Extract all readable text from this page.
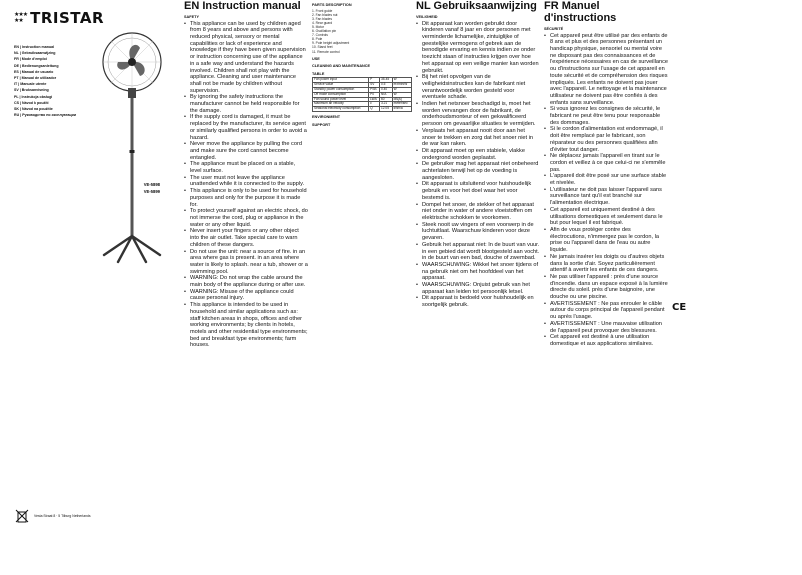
★★★
★★ TRISTAR
EN | Instruction manual
NL | Gebruiksaanwijzing
FR | Mode d'emploi
DE | Bedienungsanleitung
ES | Manual de usuario
PT | Manual de utilizador
IT | Manuale utente
SV | Bruksanvisning
PL | Instrukcja obsługi
CS | Návod k použití
SK | Návod na použitie
RU | Руководство по эксплуатации
VE-5898
VE-5899
Vesta Straat 8 · 5 Tilburg Netherlands
EN Instruction manual
SAFETY
• This appliance can be used by children aged from 8 years and above and persons with reduced physical, sensory or mental capabilities or lack of experience and knowledge if they have been given supervision or instruction concerning use of the appliance in a safe way and understand the hazards involved. Children shall not play with the appliance. Cleaning and user maintenance shall not be made by children without supervision.
• By ignoring the safety instructions the manufacturer cannot be held responsible for the damage.
• If the supply cord is damaged, it must be replaced by the manufacturer, its service agent or similarly qualified persons in order to avoid a hazard.
• Never move the appliance by pulling the cord and make sure the cord cannot become entangled.
• The appliance must be placed on a stable, level surface.
• The user must not leave the appliance unattended while it is connected to the supply.
• This appliance is only to be used for household purposes and only for the purpose it is made for.
• To protect yourself against an electric shock, do not immerse the cord, plug or appliance in the water or any other liquid.
• Never insert your fingers or any other object into the air outlet. Take special care to warn children of these dangers.
• Do not use the unit: near a source of fire. in an area where gas is present. in an area where water is likely to splash. near a tub, shower or a swimming pool.
• WARNING: Do not wrap the cable around the main body of the appliance during or after use.
• WARNING: Misuse of the appliance could cause personal injury.
• This appliance is intended to be used in household and similar applications such as: staff kitchen areas in shops, offices and other working environments; by clients in hotels, motels and other residential type environments; bed and breakfast type environments; farm houses.
PARTS DESCRIPTION
1. Front guide
2. Fan blades nut
3. Fan blades
4. Rear guard
5. Motor
6. Oscillation pin
7. Controls
8. Pole
9. Pole height adjustment
10. Stand feet
11. Remote control
USE
CLEANING AND MAINTENANCE
TABLE
Fan power input	P	35-45	W
Service value	SV	0.5	m³/min/W
Standby power consumption	PSB	0.40	W
Off mode consumption	P0	N/A	W
Fan sound power level	LWA	60	dB(A)
Maximum air velocity	c	3.21	meter/sec
Seasonal electricity consumption	Q	12.05	kWh/a
ENVIRONMENT
SUPPORT
NL Gebruiksaanwijzing
VEILIGHEID
• Dit apparaat kan worden gebruikt door kinderen vanaf 8 jaar en door personen met verminderde lichamelijke, zintuiglijke of geestelijke vermogens of gebrek aan de benodigde ervaring en kennis indien ze onder toezicht staan of instructies krijgen over hoe het apparaat op een veilige manier kan worden gebruikt.
• Bij het niet opvolgen van de veiligheidsinstructies kan de fabrikant niet verantwoordelijk worden gesteld voor eventuele schade.
• Indien het netsnoer beschadigd is, moet het worden vervangen door de fabrikant, de onderhoudsmonteur of een gekwalificeerd persoon om gevaarlijke situaties te vermijden.
• Verplaats het apparaat nooit door aan het snoer te trekken en zorg dat het snoer niet in de war kan raken.
• Dit apparaat moet op een stabiele, vlakke ondergrond worden geplaatst.
• De gebruiker mag het apparaat niet onbeheerd achterlaten terwijl het op de voeding is aangesloten.
• Dit apparaat is uitsluitend voor huishoudelijk gebruik en voor het doel waar het voor bestemd is.
• Dompel het snoer, de stekker of het apparaat niet onder in water of andere vloeistoffen om elektrische schokken te voorkomen.
• Steek nooit uw vingers of een voorwerp in de luchtuitlaat. Waarschuw kinderen voor deze gevaren.
• Gebruik het apparaat niet: In de buurt van vuur. in een gebied dat wordt blootgesteld aan vocht. in de buurt van een bad, douche of zwembad.
• WAARSCHUWING: Wikkel het snoer tijdens of na gebruik niet om het hoofddeel van het apparaat.
• WAARSCHUWING: Onjuist gebruik van het apparaat kan leiden tot persoonlijk letsel.
• Dit apparaat is bedoeld voor huishoudelijk en soortgelijk gebruik.
FR Manuel d'instructions
SÉCURITÉ
• Cet appareil peut être utilisé par des enfants de 8 ans et plus et des personnes présentant un handicap physique, sensoriel ou mental voire ne disposant pas des connaissances et de l'expérience nécessaires en cas de surveillance ou d'instructions sur l'usage de cet appareil en toute sécurité et de compréhension des risques impliqués. Les enfants ne doivent pas jouer avec l'appareil. Le nettoyage et la maintenance utilisateur ne doivent pas être confiés à des enfants sans surveillance.
• Si vous ignorez les consignes de sécurité, le fabricant ne peut être tenu pour responsable des dommages.
• Si le cordon d'alimentation est endommagé, il doit être remplacé par le fabricant, son réparateur ou des personnes qualifiées afin d'éviter tout danger.
• Ne déplacez jamais l'appareil en tirant sur le cordon et veillez à ce que celui-ci ne s'emmêle pas.
• L'appareil doit être posé sur une surface stable et nivelée.
• L'utilisateur ne doit pas laisser l'appareil sans surveillance tant qu'il est branché sur l'alimentation électrique.
• Cet appareil est uniquement destiné à des utilisations domestiques et seulement dans le but pour lequel il est fabriqué.
• Afin de vous protéger contre des électrocutions, n'immergez pas le cordon, la prise ou l'appareil dans de l'eau ou autre liquide.
• Ne jamais insérer les doigts ou d'autres objets dans la sortie d'air. Soyez particulièrement attentif à avertir les enfants de ces dangers.
• Ne pas utiliser l'appareil : près d'une source d'incendie. dans un espace exposé à la lumière directe du soleil. près d'une baignoire, une douche ou une piscine.
• AVERTISSEMENT : Ne pas enrouler le câble autour du corps principal de l'appareil pendant ou après l'usage.
• AVERTISSEMENT : Une mauvaise utilisation de l'appareil peut provoquer des blessures.
• Cet appareil est destiné à une utilisation domestique et aux applications similaires.
CE
